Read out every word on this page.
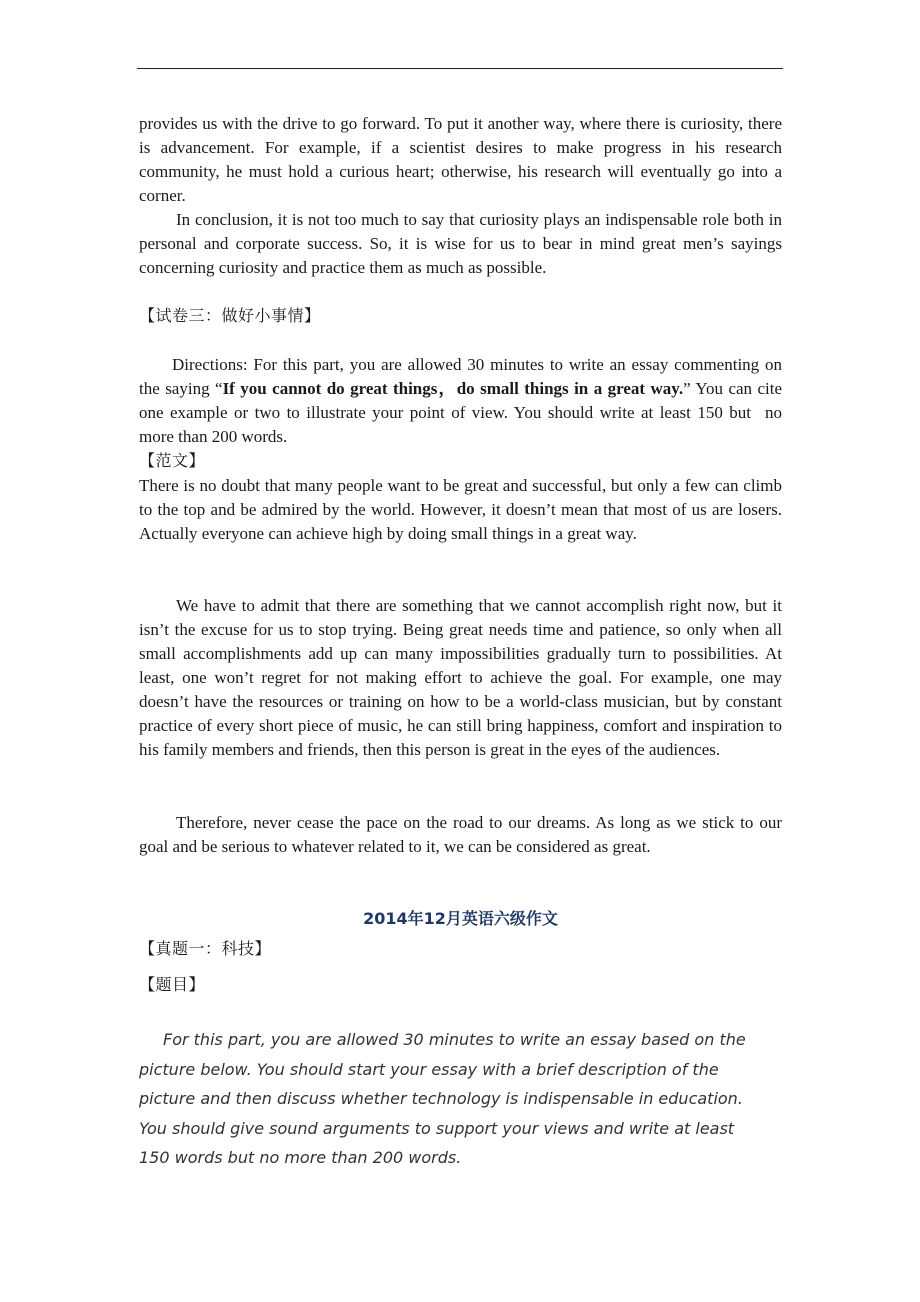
provides us with the drive to go forward. To put it another way, where there is curiosity, there is advancement. For example, if a scientist desires to make progress in his research community, he must hold a curious heart; otherwise, his research will eventually go into a corner.

In conclusion, it is not too much to say that curiosity plays an indispensable role both in personal and corporate success. So, it is wise for us to bear in mind great men’s sayings concerning curiosity and practice them as much as possible.

【试卷三：做好小事情】

Directions: For this part, you are allowed 30 minutes to write an essay commenting on the saying “If you cannot do great things，do small things in a great way.” You can cite one example or two to illustrate your point of view. You should write at least 150 but no more than 200 words.

【范文】

There is no doubt that many people want to be great and successful, but only a few can climb to the top and be admired by the world. However, it doesn’t mean that most of us are losers. Actually everyone can achieve high by doing small things in a great way.

We have to admit that there are something that we cannot accomplish right now, but it isn’t the excuse for us to stop trying. Being great needs time and patience, so only when all small accomplishments add up can many impossibilities gradually turn to possibilities. At least, one won’t regret for not making effort to achieve the goal. For example, one may doesn’t have the resources or training on how to be a world-class musician, but by constant practice of every short piece of music, he can still bring happiness, comfort and inspiration to his family members and friends, then this person is great in the eyes of the audiences.

Therefore, never cease the pace on the road to our dreams. As long as we stick to our goal and be serious to whatever related to it, we can be considered as great.

2014年12月英语六级作文
【真题一：科技】
【题目】

For this part, you are allowed 30 minutes to write an essay based on the

picture below. You should start your essay with a brief description of the

picture and then discuss whether technology is indispensable in education.

You should give sound arguments to support your views and write at least

150 words but no more than 200 words.
